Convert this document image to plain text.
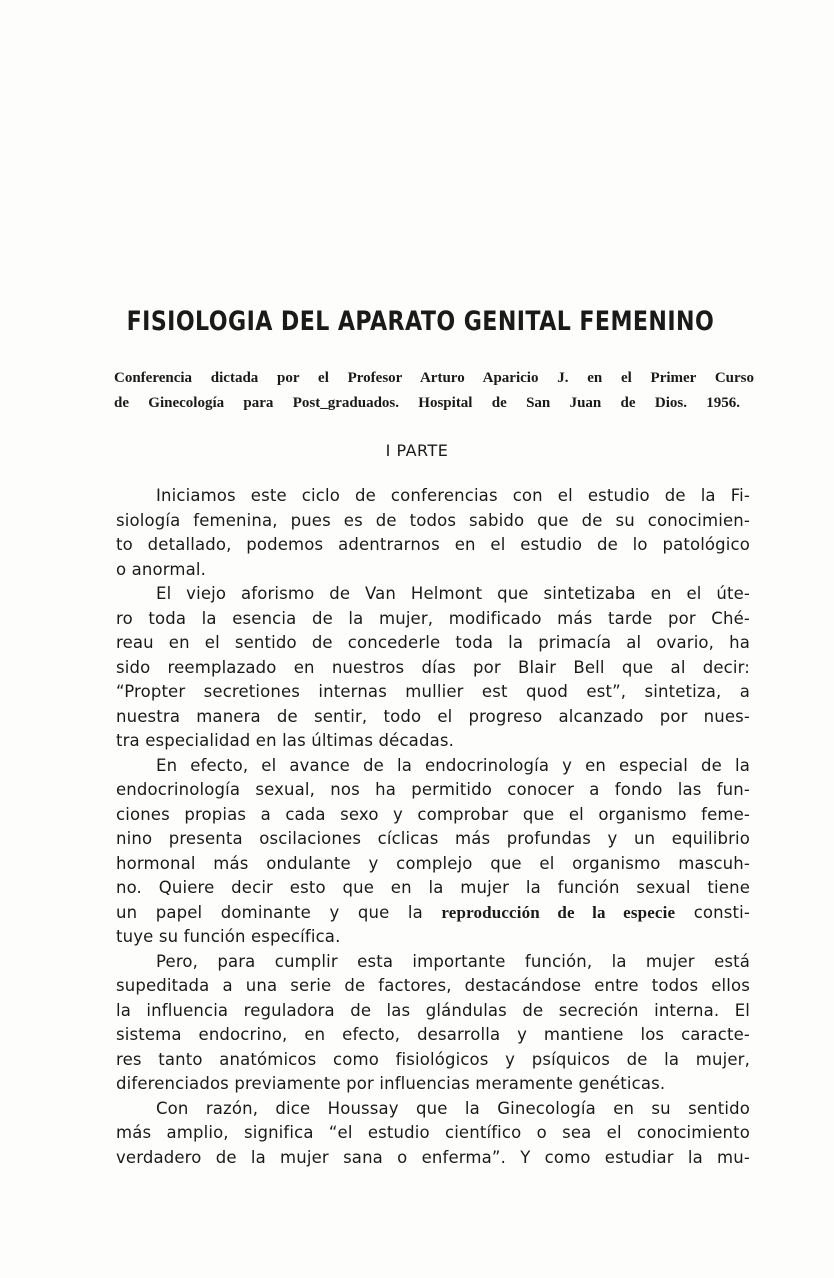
FISIOLOGIA DEL APARATO GENITAL FEMENINO
Conferencia dictada por el Profesor Arturo Aparicio J. en el Primer Curso
de Ginecología para Post_graduados. Hospital de San Juan de Dios. 1956.
I PARTE
Iniciamos este ciclo de conferencias con el estudio de la Fi-
siología femenina, pues es de todos sabido que de su conocimien-
to detallado, podemos adentrarnos en el estudio de lo patológico
o anormal.
El viejo aforismo de Van Helmont que sintetizaba en el úte-
ro toda la esencia de la mujer, modificado más tarde por Ché-
reau en el sentido de concederle toda la primacía al ovario, ha
sido reemplazado en nuestros días por Blair Bell que al decir:
“Propter secretiones internas mullier est quod est”, sintetiza, a
nuestra manera de sentir, todo el progreso alcanzado por nues-
tra especialidad en las últimas décadas.
En efecto, el avance de la endocrinología y en especial de la
endocrinología sexual, nos ha permitido conocer a fondo las fun-
ciones propias a cada sexo y comprobar que el organismo feme-
nino presenta oscilaciones cíclicas más profundas y un equilibrio
hormonal más ondulante y complejo que el organismo mascuh-
no. Quiere decir esto que en la mujer la función sexual tiene
un papel dominante y que la reproducción de la especie consti-
tuye su función específica.
Pero, para cumplir esta importante función, la mujer está
supeditada a una serie de factores, destacándose entre todos ellos
la influencia reguladora de las glándulas de secreción interna. El
sistema endocrino, en efecto, desarrolla y mantiene los caracte-
res tanto anatómicos como fisiológicos y psíquicos de la mujer,
diferenciados previamente por influencias meramente genéticas.
Con razón, dice Houssay que la Ginecología en su sentido
más amplio, significa “el estudio científico o sea el conocimiento
verdadero de la mujer sana o enferma”. Y como estudiar la mu-
